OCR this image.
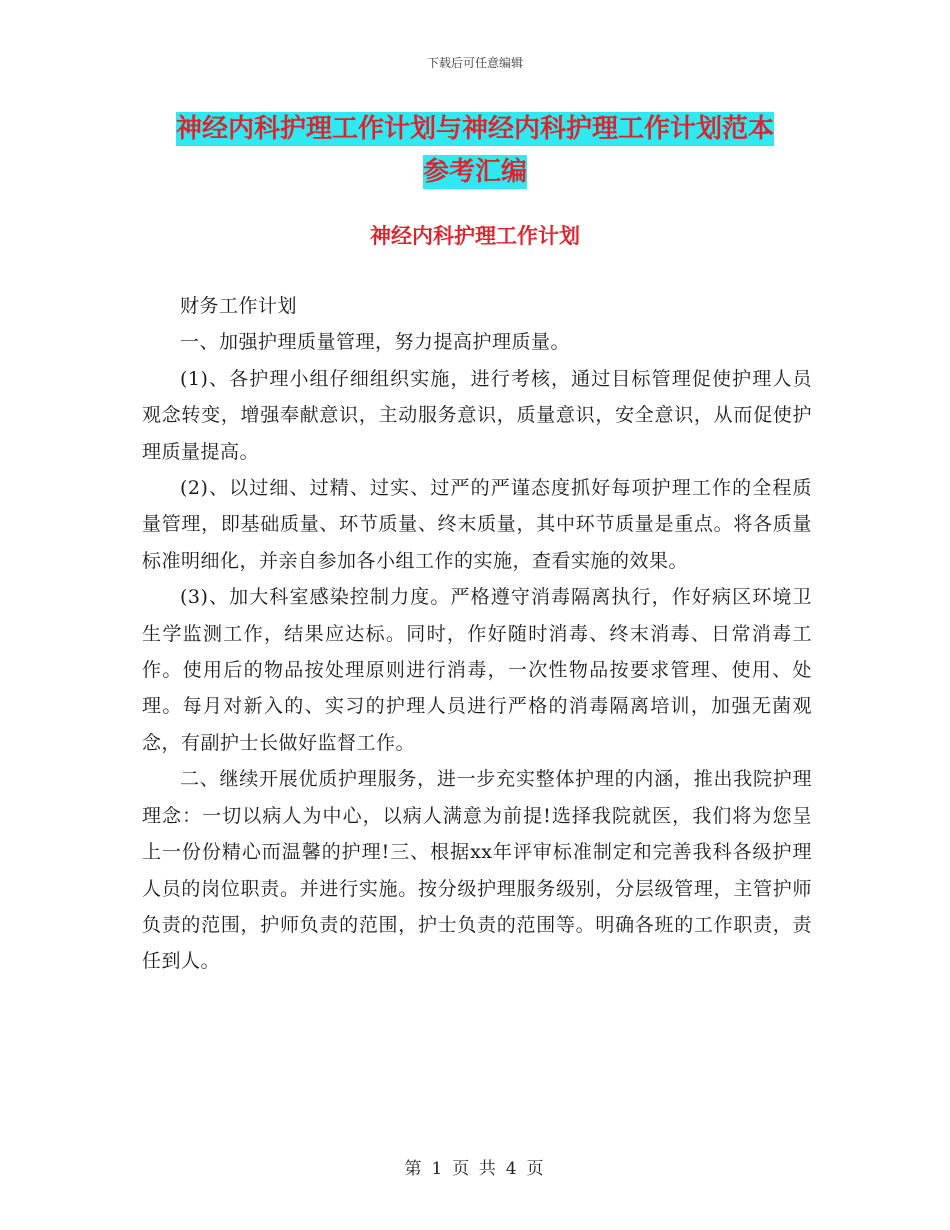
下载后可任意编辑
神经内科护理工作计划与神经内科护理工作计划范本
参考汇编
神经内科护理工作计划

财务工作计划

一、加强护理质量管理，努力提高护理质量。

(1)、各护理小组仔细组织实施，进行考核，通过目标管理促使护理人员观念转变，增强奉献意识，主动服务意识，质量意识，安全意识，从而促使护理质量提高。

(2)、以过细、过精、过实、过严的严谨态度抓好每项护理工作的全程质量管理，即基础质量、环节质量、终末质量，其中环节质量是重点。将各质量标准明细化，并亲自参加各小组工作的实施，查看实施的效果。

(3)、加大科室感染控制力度。严格遵守消毒隔离执行，作好病区环境卫生学监测工作，结果应达标。同时，作好随时消毒、终末消毒、日常消毒工作。使用后的物品按处理原则进行消毒，一次性物品按要求管理、使用、处理。每月对新入的、实习的护理人员进行严格的消毒隔离培训，加强无菌观念，有副护士长做好监督工作。

二、继续开展优质护理服务，进一步充实整体护理的内涵，推出我院护理理念：一切以病人为中心，以病人满意为前提!选择我院就医，我们将为您呈上一份份精心而温馨的护理!三、根据xx年评审标准制定和完善我科各级护理人员的岗位职责。并进行实施。按分级护理服务级别，分层级管理，主管护师负责的范围，护师负责的范围，护士负责的范围等。明确各班的工作职责，责任到人。

第 1 页 共 4 页
